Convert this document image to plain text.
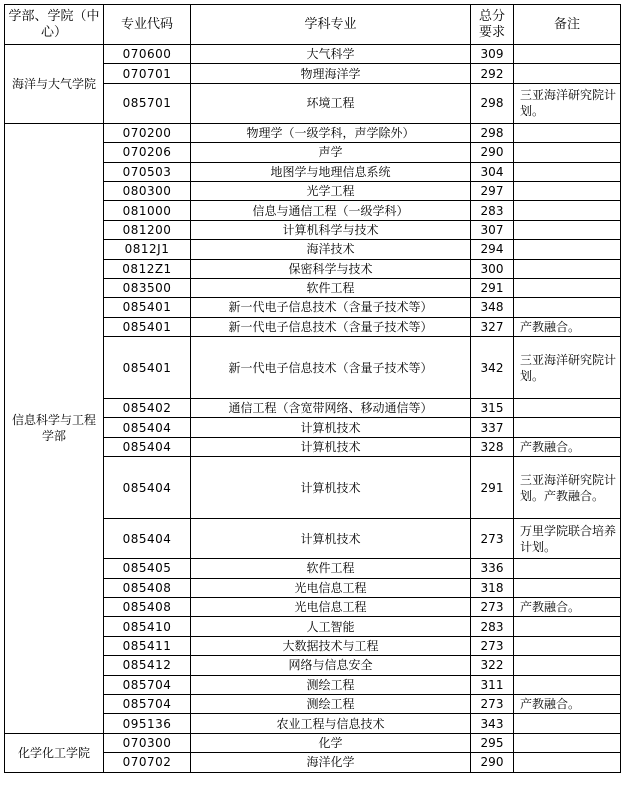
学部、学院（中心）	专业代码	学科专业	总分要求	备注
海洋与大气学院	070600	大气科学	309	
	070701	物理海洋学	292	
	085701	环境工程	298	三亚海洋研究院计划。
信息科学与工程学部	070200	物理学（一级学科，声学除外）	298	
	070206	声学	290	
	070503	地图学与地理信息系统	304	
	080300	光学工程	297	
	081000	信息与通信工程（一级学科）	283	
	081200	计算机科学与技术	307	
	0812J1	海洋技术	294	
	0812Z1	保密科学与技术	300	
	083500	软件工程	291	
	085401	新一代电子信息技术（含量子技术等）	348	
	085401	新一代电子信息技术（含量子技术等）	327	产教融合。
	085401	新一代电子信息技术（含量子技术等）	342	三亚海洋研究院计划。
	085402	通信工程（含宽带网络、移动通信等）	315	
	085404	计算机技术	337	
	085404	计算机技术	328	产教融合。
	085404	计算机技术	291	三亚海洋研究院计划。产教融合。
	085404	计算机技术	273	万里学院联合培养计划。
	085405	软件工程	336	
	085408	光电信息工程	318	
	085408	光电信息工程	273	产教融合。
	085410	人工智能	283	
	085411	大数据技术与工程	273	
	085412	网络与信息安全	322	
	085704	测绘工程	311	
	085704	测绘工程	273	产教融合。
	095136	农业工程与信息技术	343	
化学化工学院	070300	化学	295	
	070702	海洋化学	290	
